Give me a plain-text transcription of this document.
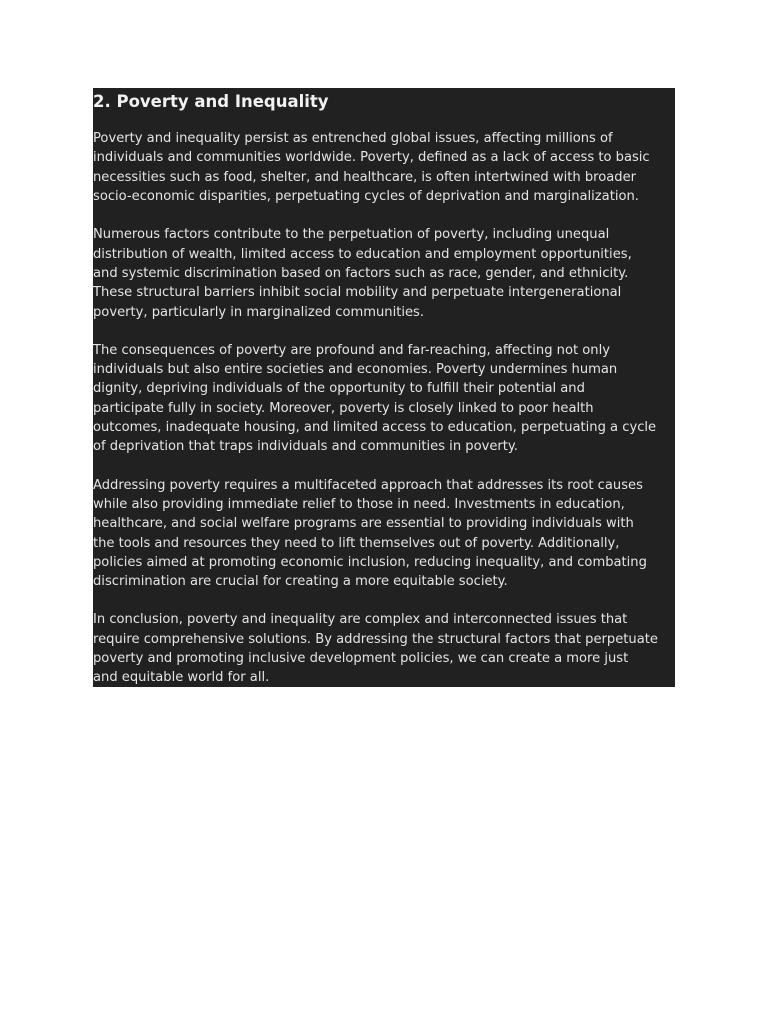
2. Poverty and Inequality

Poverty and inequality persist as entrenched global issues, affecting millions of
individuals and communities worldwide. Poverty, defined as a lack of access to basic
necessities such as food, shelter, and healthcare, is often intertwined with broader
socio-economic disparities, perpetuating cycles of deprivation and marginalization.

Numerous factors contribute to the perpetuation of poverty, including unequal
distribution of wealth, limited access to education and employment opportunities,
and systemic discrimination based on factors such as race, gender, and ethnicity.
These structural barriers inhibit social mobility and perpetuate intergenerational
poverty, particularly in marginalized communities.

The consequences of poverty are profound and far-reaching, affecting not only
individuals but also entire societies and economies. Poverty undermines human
dignity, depriving individuals of the opportunity to fulfill their potential and
participate fully in society. Moreover, poverty is closely linked to poor health
outcomes, inadequate housing, and limited access to education, perpetuating a cycle
of deprivation that traps individuals and communities in poverty.

Addressing poverty requires a multifaceted approach that addresses its root causes
while also providing immediate relief to those in need. Investments in education,
healthcare, and social welfare programs are essential to providing individuals with
the tools and resources they need to lift themselves out of poverty. Additionally,
policies aimed at promoting economic inclusion, reducing inequality, and combating
discrimination are crucial for creating a more equitable society.

In conclusion, poverty and inequality are complex and interconnected issues that
require comprehensive solutions. By addressing the structural factors that perpetuate
poverty and promoting inclusive development policies, we can create a more just
and equitable world for all.
